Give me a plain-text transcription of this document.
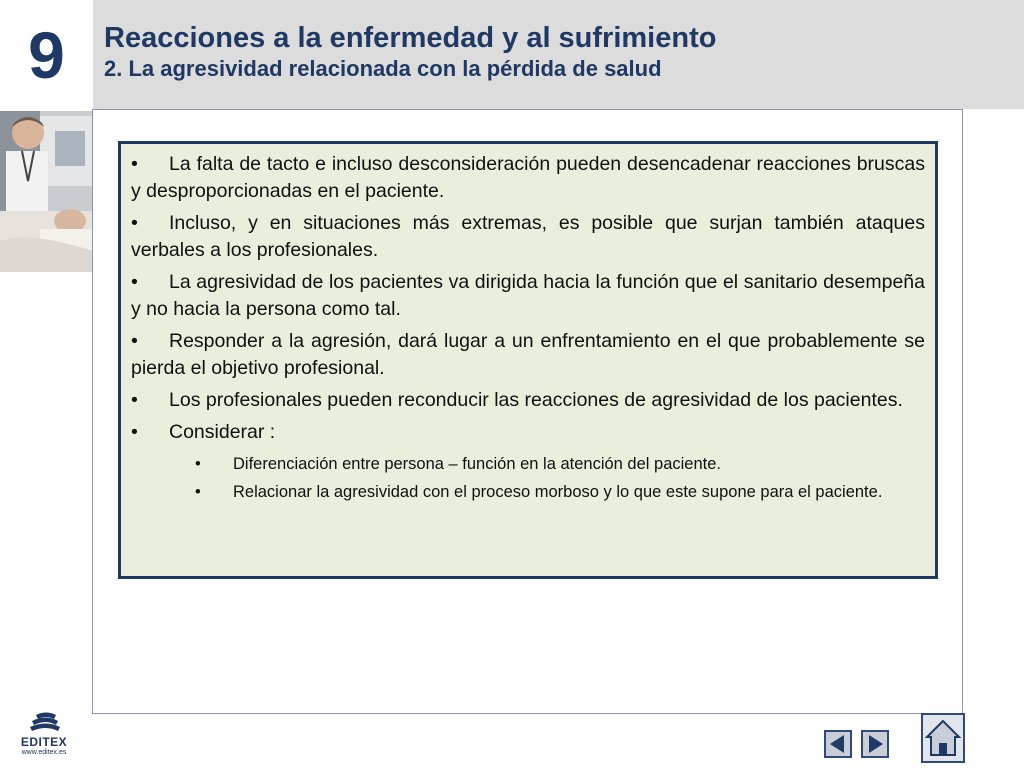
9	Reacciones a la enfermedad y al sufrimiento
2. La agresividad relacionada con la pérdida de salud
• La falta de tacto e incluso desconsideración pueden desencadenar reacciones bruscas y desproporcionadas en el paciente.
• Incluso, y en situaciones más extremas, es posible que surjan también ataques verbales a los profesionales.
• La agresividad de los pacientes va dirigida hacia la función que el sanitario desempeña y no hacia la persona como tal.
• Responder a la agresión, dará lugar a un enfrentamiento en el que probablemente se pierda el objetivo profesional.
• Los profesionales pueden reconducir las reacciones de agresividad de los pacientes.
• Considerar :
•	Diferenciación entre persona – función en la atención del paciente.
•	Relacionar la agresividad con el proceso morboso y lo que este supone para el paciente.
EDITEX
www.editex.es
